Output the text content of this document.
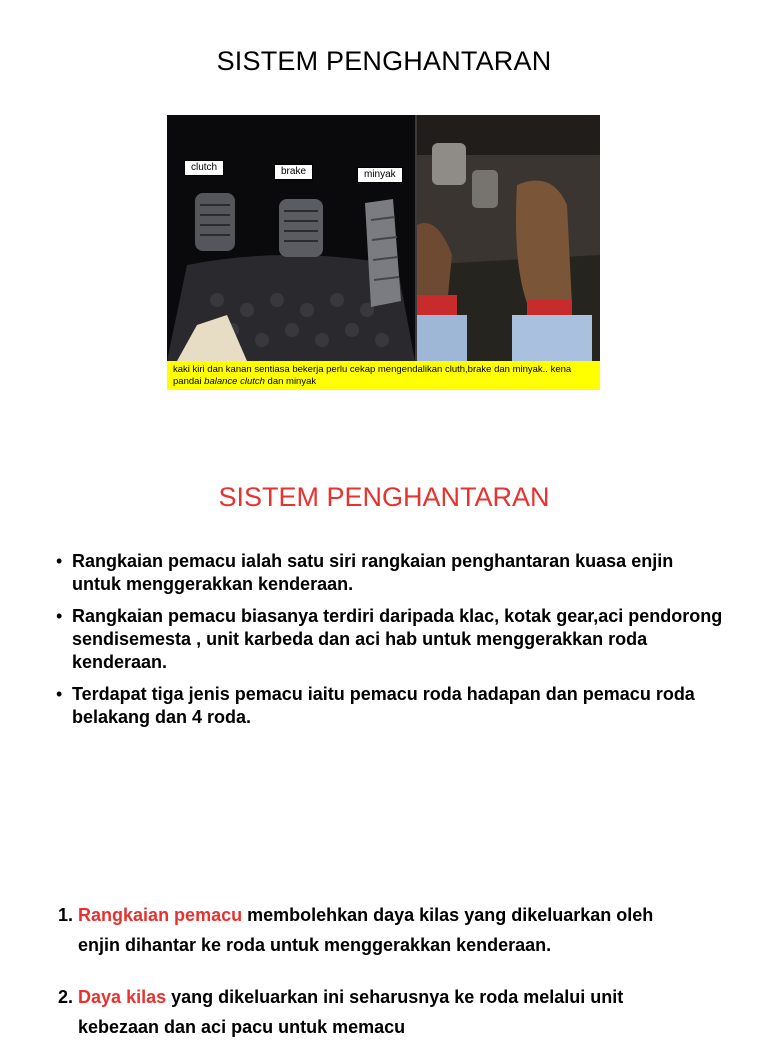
SISTEM PENGHANTARAN
clutch	brake	minyak
kaki kiri dan kanan sentiasa bekerja perlu cekap mengendalikan cluth,brake dan minyak.. kena pandai balance clutch dan minyak
SISTEM PENGHANTARAN
• Rangkaian pemacu ialah satu siri rangkaian penghantaran kuasa enjin untuk menggerakkan kenderaan.
• Rangkaian pemacu biasanya terdiri daripada klac, kotak gear,aci pendorong sendisemesta , unit karbeda dan aci hab untuk menggerakkan roda kenderaan.
• Terdapat tiga jenis pemacu iaitu pemacu roda hadapan dan pemacu roda belakang dan 4 roda.
1. Rangkaian pemacu membolehkan daya kilas yang dikeluarkan oleh
enjin dihantar ke roda untuk menggerakkan kenderaan.
2. Daya kilas yang dikeluarkan ini seharusnya ke roda melalui unit
kebezaan dan aci pacu untuk memacu
